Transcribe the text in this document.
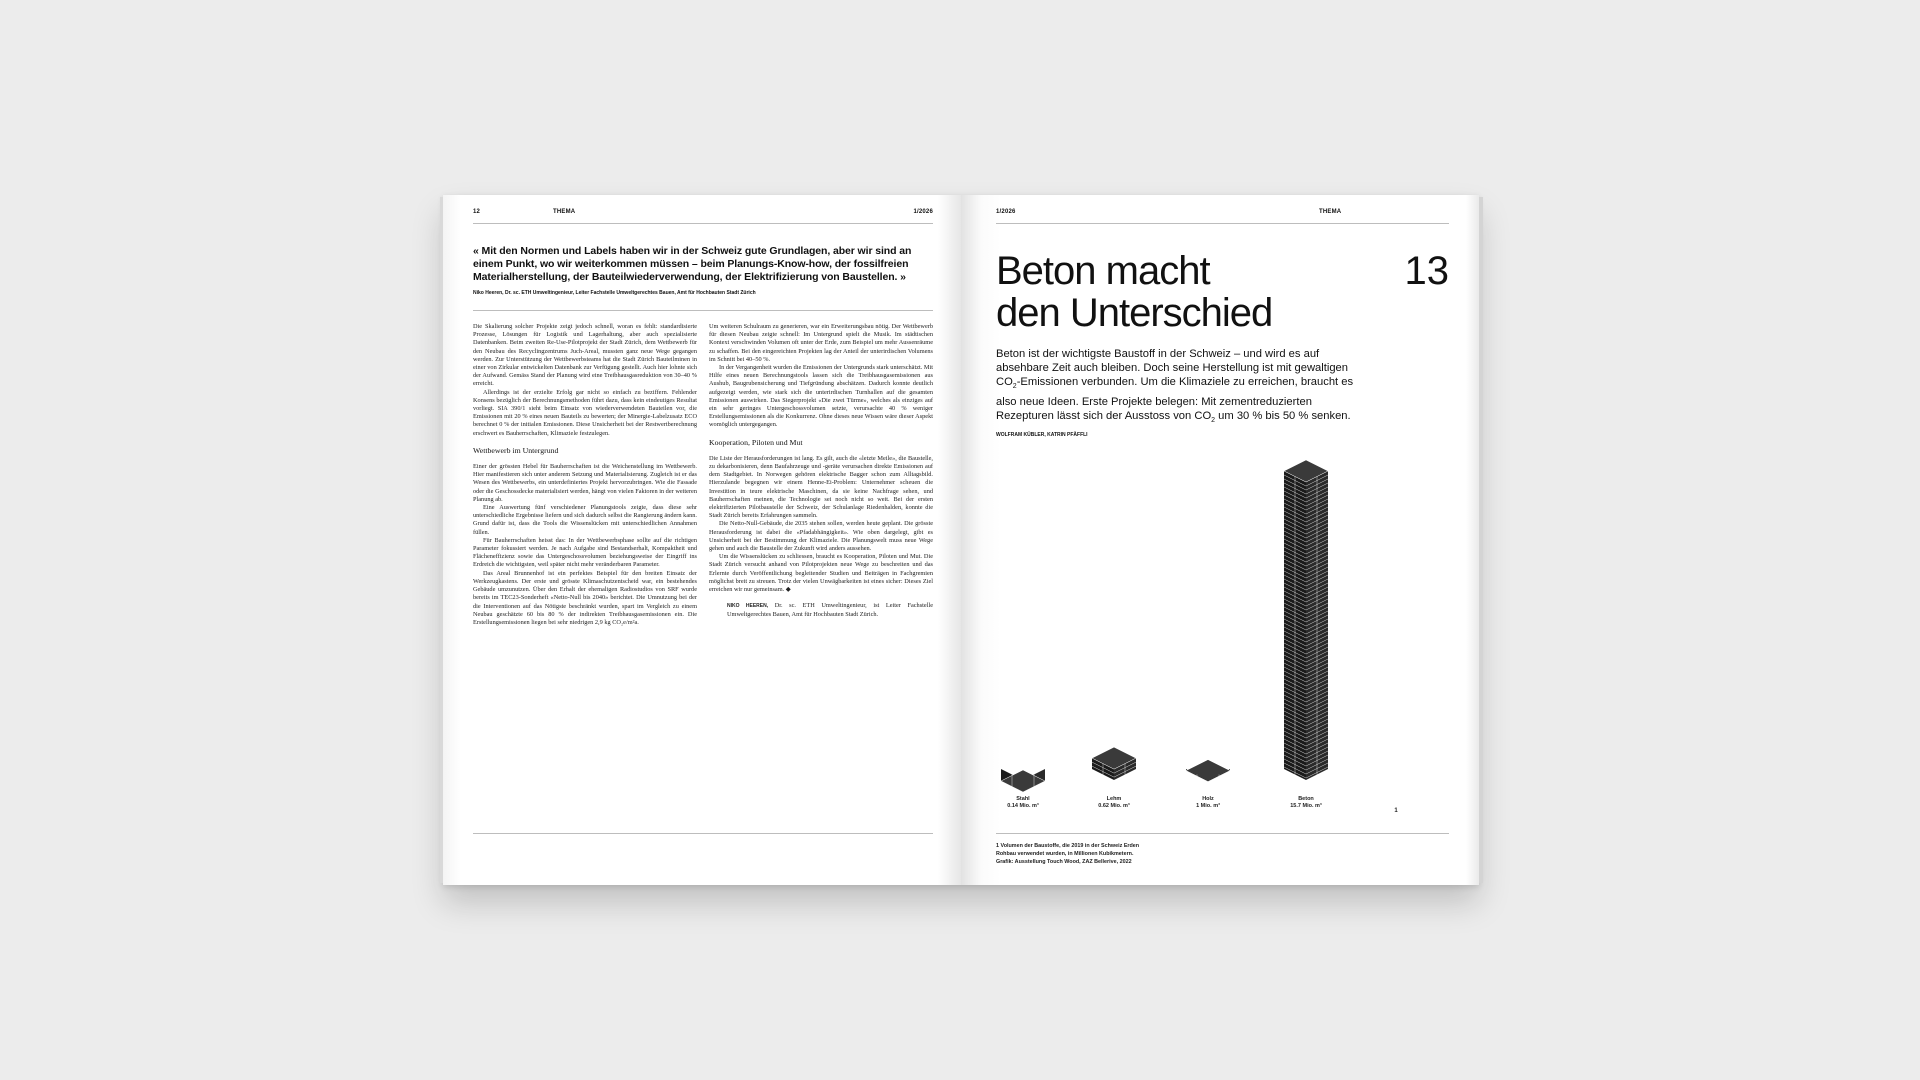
12	THEMA	1/2026
« Mit den Normen und Labels haben wir in der Schweiz gute Grundlagen, aber wir sind an einem Punkt, wo wir weiterkommen müssen – beim Planungs-Know-how, der fossilfreien Materialherstellung, der Bauteilwiederverwendung, der Elektrifizierung von Baustellen. »
Niko Heeren, Dr. sc. ETH Umweltingenieur, Leiter Fachstelle Umweltgerechtes Bauen, Amt für Hochbauten Stadt Zürich

Die Skalierung solcher Projekte zeigt jedoch schnell, woran es fehlt: standardisierte Prozesse, Lösungen für Logistik und Lagerhaltung, aber auch spezialisierte Datenbanken. Beim zweiten Re-Use-Pilotprojekt der Stadt Zürich, dem Wettbewerb für den Neubau des Recyclingzentrums Juch-Areal, mussten ganz neue Wege gegangen werden. Zur Unterstützung der Wettbewerbsteams hat die Stadt Zürich Bauteilminen in einer von Zirkular entwickelten Datenbank zur Verfügung gestellt. Auch hier lohnte sich der Aufwand. Gemäss Stand der Planung wird eine Treibhausgasreduktion von 30–40 % erreicht.

Allerdings ist der erzielte Erfolg gar nicht so einfach zu beziffern. Fehlender Konsens bezüglich der Berechnungsmethoden führt dazu, dass kein eindeutiges Resultat vorliegt. SIA 390/1 sieht beim Einsatz von wiederverwendeten Bauteilen vor, die Emissionen mit 20 % eines neuen Bauteils zu bewerten; der Minergie-Labelzusatz ECO berechnet 0 % der initialen Emissionen. Diese Unsicherheit bei der Restwertberechnung erschwert es Bauherrschaften, Klimaziele festzulegen.

Wettbewerb im Untergrund

Einer der grössten Hebel für Bauherrschaften ist die Weichenstellung im Wettbewerb. Hier manifestieren sich unter anderem Setzung und Materialisierung. Zugleich ist er das Wesen des Wettbewerbs, ein unterdefiniertes Projekt hervorzubringen. Wie die Fassade oder die Geschossdecke materialisiert werden, hängt von vielen Faktoren in der weiteren Planung ab.

Eine Auswertung fünf verschiedener Planungstools zeigte, dass diese sehr unterschiedliche Ergebnisse liefern und sich dadurch selbst die Rangierung ändern kann. Grund dafür ist, dass die Tools die Wissenslücken mit unterschiedlichen Annahmen füllen.

Für Bauherrschaften heisst das: In der Wettbewerbsphase sollte auf die richtigen Parameter fokussiert werden. Je nach Aufgabe sind Bestandserhalt, Kompaktheit und Flächeneffizienz sowie das Untergeschossvolumen beziehungsweise der Eingriff ins Erdreich die wichtigsten, weil später nicht mehr veränderbaren Parameter.

Das Areal Brunnenhof ist ein perfektes Beispiel für den breiten Einsatz der Werkzeugkastens. Der erste und grösste Klimaschutzentscheid war, ein bestehendes Gebäude umzunutzen. Über den Erhalt der ehemaligen Radiostudios von SRF wurde bereits im TEC23-Sonderheft «Netto-Null bis 2040» berichtet. Die Umnutzung bei der die Interventionen auf das Nötigste beschränkt wurden, spart im Vergleich zu einem Neubau geschätzte 60 bis 80 % der indirekten Treibhausgasemissionen ein. Die Erstellungsemissionen liegen bei sehr niedrigen 2,9 kg CO₂e/m²a.

Um weiteren Schulraum zu generieren, war ein Erweiterungsbau nötig. Der Wettbewerb für diesen Neubau zeigte schnell: Im Untergrund spielt die Musik. Im städtischen Kontext verschwinden Volumen oft unter der Erde, zum Beispiel um mehr Aussenräume zu schaffen. Bei den eingereichten Projekten lag der Anteil der unterirdischen Volumens im Schnitt bei 40–50 %.

In der Vergangenheit wurden die Emissionen der Untergrunds stark unterschätzt. Mit Hilfe eines neuen Berechnungstools lassen sich die Treibhausgasemissionen aus Aushub, Baugrubensicherung und Tiefgründung abschätzen. Dadurch konnte deutlich aufgezeigt werden, wie stark sich die unterirdischen Turnhallen auf die gesamten Emissionen auswirken. Das Siegerprojekt «Die zwei Türme», welches als einziges auf ein sehr geringes Untergeschossvolumen setzte, verursachte 40 % weniger Erstellungsemissionen als die Konkurrenz. Ohne dieses neue Wissen wäre dieser Aspekt womöglich untergegangen.

Kooperation, Piloten und Mut

Die Liste der Herausforderungen ist lang. Es gilt, auch die «letzte Meile», die Baustelle, zu dekarbonisieren, denn Baufahrzeuge und -geräte verursachen direkte Emissionen auf dem Stadtgebiet. In Norwegen gehören elektrische Bagger schon zum Alltagsbild. Hierzulande begegnen wir einem Henne-Ei-Problem: Unternehmer scheuen die Investition in teure elektrische Maschinen, da sie keine Nachfrage sehen, und Bauherrschaften meinen, die Technologie sei noch nicht so weit. Bei der ersten elektrifizierten Pilotbaustelle der Schweiz, der Schulanlage Riedenhalden, konnte die Stadt Zürich bereits Erfahrungen sammeln.

Die Netto-Null-Gebäude, die 2035 stehen sollen, werden heute geplant. Die grösste Herausforderung ist dabei die «Pfadabhängigkeit». Wie oben dargelegt, gibt es Unsicherheit bei der Bestimmung der Klimaziele. Die Planungswelt muss neue Wege gehen und auch die Baustelle der Zukunft wird anders aussehen.

Um die Wissenslücken zu schliessen, braucht es Kooperation, Piloten und Mut. Die Stadt Zürich versucht anhand von Pilotprojekten neue Wege zu beschreiten und das Erlernte durch Veröffentlichung begleitender Studien und Beiträgen in Fachgremien möglichst breit zu streuen. Trotz der vielen Unwägbarkeiten ist eines sicher: Dieses Ziel erreichen wir nur gemeinsam. ◆

NIKO HEEREN, Dr. sc. ETH Umweltingenieur, ist Leiter Fachstelle Umweltgerechtes Bauen, Amt für Hochbauten Stadt Zürich.

1/2026	THEMA
Beton macht
den Unterschied
13
Beton ist der wichtigste Baustoff in der Schweiz – und wird es auf absehbare Zeit auch bleiben. Doch seine Herstellung ist mit gewaltigen $CO_2$-Emissionen verbunden. Um die Klimaziele zu erreichen, braucht es also neue Ideen. Erste Projekte belegen: Mit zementreduzierten Rezepturen lässt sich der Ausstoss von $CO_2$ um 30 % bis 50 % senken.
WOLFRAM KÜBLER, KATRIN PFÄFFLI
Stahl
0.14 Mio. m³
Lehm
0.62 Mio. m³
Holz
1 Mio. m³
Beton
15.7 Mio. m³
1
1 Volumen der Baustoffe, die 2019 in der Schweiz Erden Rohbau verwendet wurden, in Millionen Kubikmetern. Grafik: Ausstellung Touch Wood, ZAZ Bellerive, 2022
